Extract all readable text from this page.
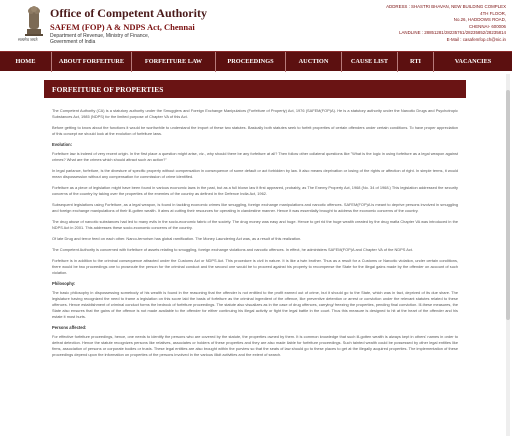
सत्यमेव जयते
Office of Competent Authority
SAFEM (FOP) A & NDPS Act, Chennai
Department of Revenue, Ministry of Finance,
Government of India
ADDRESS : SHASTRI BHAVAN, NEW BUILDING COMPLEX
4TH FLOOR,
No.26, HADDOWS ROAD,
CHENNAI- 600006
LANDLINE : 28851281/28235761/28235852/28235814
E-Mail : casafemfop.ch@nic.in
HOME	ABOUT FORFEITURE	FORFEITURE LAW	PROCEEDINGS	AUCTION	CAUSE LIST	RTI	VACANCIES
FORFEITURE OF PROPERTIES
The Competent Authority (CA) is a statutory authority under the Smugglers and Foreign Exchange Manipulators (Forfeiture of Property) Act, 1976 (SAFEM(FOP)A). He is a statutory authority under the Narcotic Drugs and Psychotropic Substances Act, 1985 (NDPS) for the limited purpose of Chapter VA of this Act.
Before getting to know about the functions it would be worthwhile to understand the import of these two statutes. Basically both statutes seek to forfeit properties of certain offenders under certain conditions. To have proper appreciation of this concept we should look at the evolution of forfeiture laws.
Evolution:
Forfeiture law is indeed of very recent origin. In the first place a question might arise, viz., why should there be any forfeiture at all? Then follow other collateral questions like "What is the logic in using forfeiture as a legal weapon against crimes? What are the crimes which should attract such an action?"
In legal parlance, forfeiture, is the divesture of specific property without compensation in consequence of some default or act forbidden by law. It also means deprivation or losing of the rights or affection of right. In simple terms, it would mean dispossession without any compensation for commission of crime identified.
Forfeiture as a piece of legislation might have been found in various economic laws in the past, but as a full blown law it first appeared, probably, as The Enemy Property Act, 1968 (No. 34 of 1968.) This legislation addressed the security concerns of the country by taking over the properties of the enemies of the country as defined in the Defence India Act, 1962.
Subsequent legislations using Forfeiture, as a legal weapon, is found in tackling economic crimes like smuggling, foreign exchange manipulations and narcotic offences. SAFEM(FOP)A is meant to deprive persons involved in smuggling and foreign exchange manipulations of their ill-gotten wealth. It aims at cutting their resources for operating in clandestine manner. Hence it was essentially brought to address the economic concerns of the country.
The drug abuse of narcotic substances had led to many evils in the socio-economic fabric of the society. The drug money was easy and huge. Hence to get rid the huge wealth created by the drug mafia Chapter VA was introduced in the NDPS Act in 2001. This addresses these socio-economic concerns of the country.
Of late Drug and terror feed on each other. Narco-terrorism has global ramification. The Money Laundering Act was, as a result of this realization.
The Competent Authority is concerned with forfeiture of assets relating to smuggling, foreign exchange violations and narcotic offences. In effect, he administers SAFEM(FOP)A and Chapter VA of the NDPS Act.
Forfeiture is in addition to the criminal consequence attracted under the Customs Act or NDPS Act. This procedure is civil in nature. It is like a twin brother. Thus as a result for a Customs or Narcotic violation, under certain conditions, there would be two proceedings one to prosecute the person for the criminal conduct and the second one would be to proceed against his property to recompense the State for the illegal gains made by the offender on account of such violation.
Philosophy:
The basic philosophy in dispossessing somebody of his wealth is found in the reasoning that the offender is not entitled to the profit earned out of crime, but it should go to the State, which was in fact, deprived of its due share. The legislature having recognized the need to frame a legislation on this score laid the basis of forfeiture as the criminal ingredient of the offence, like preventive detention or arrest or conviction under the relevant statutes related to these offences. Hence establishment of criminal conduct forms the bedrock of forfeiture proceedings. The statute also visualizes as in the case of drug offences, carrying/ freezing the properties, pending final conviction. Ill-these measures, the State also ensures that the gains of the offence is not made available to the offender for either continuing his illegal activity or fight the legal battle in the court. Thus this measure is designed to hit at the heart of the offender and his estate it most hurts.
Persons affected:
For effective forfeiture proceedings, hence, one needs to identify the persons who are covered by the statute, the properties owned by them. It is common knowledge that such ill-gotten wealth is always kept in others' names in order to defeat detection. Hence the statute recognizes persons like relatives, associates or holders of these properties and they are also made liable for forfeiture proceedings. Such tainted wealth could be possessed by other legal entities like firms, association of persons or corporate bodies or trusts. These legal entities are also brought within the purview so that the seats of law should go to these places to get at the illegally acquired properties. The implementation of these proceedings depend upon the information on properties of the persons involved in the various illicit activities and the extent of search.
